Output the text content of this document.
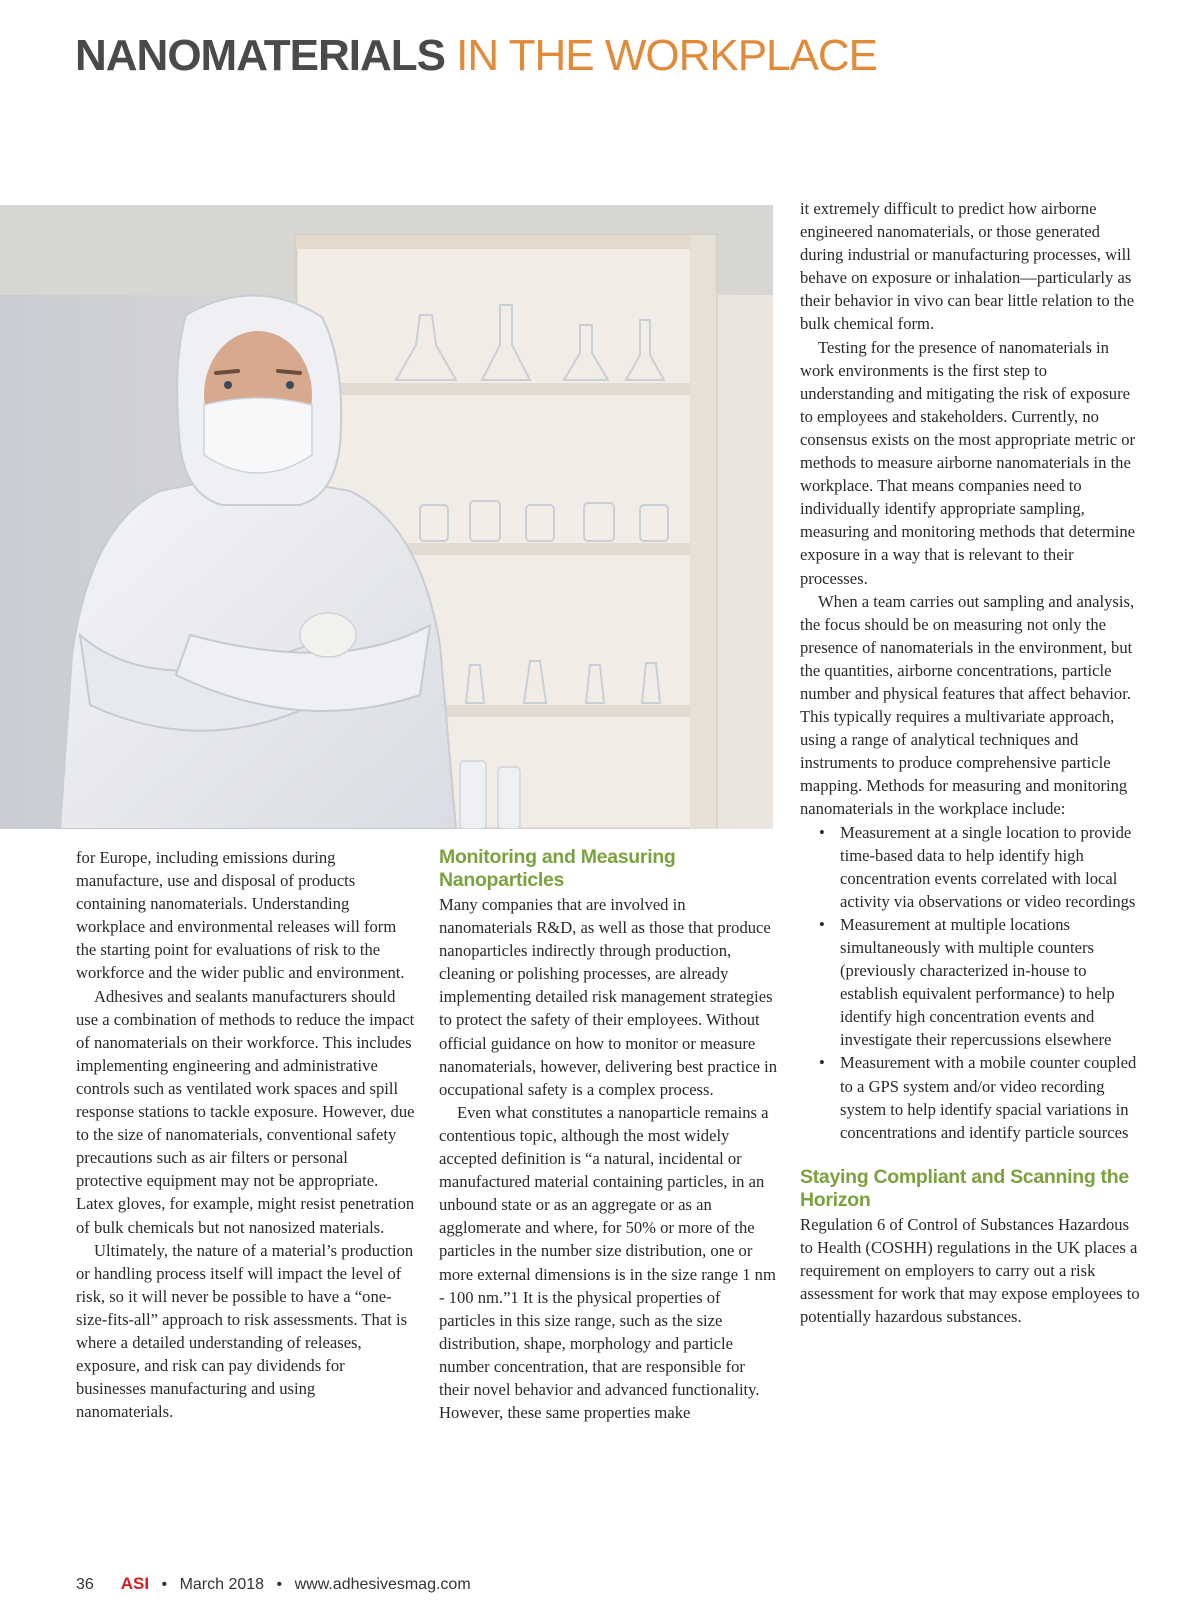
NANOMATERIALS IN THE WORKPLACE

for Europe, including emissions during manufacture, use and disposal of products containing nanomaterials. Understanding workplace and environmental releases will form the starting point for evaluations of risk to the workforce and the wider public and environment.

Adhesives and sealants manufacturers should use a combination of methods to reduce the impact of nanomaterials on their workforce. This includes implementing engineering and administrative controls such as ventilated work spaces and spill response stations to tackle exposure. However, due to the size of nanomaterials, conventional safety precautions such as air filters or personal protective equipment may not be appropriate. Latex gloves, for example, might resist penetration of bulk chemicals but not nanosized materials.

Ultimately, the nature of a material’s production or handling process itself will impact the level of risk, so it will never be possible to have a “one-size-fits-all” approach to risk assessments. That is where a detailed understanding of releases, exposure, and risk can pay dividends for businesses manufacturing and using nanomaterials.

Monitoring and Measuring Nanoparticles

Many companies that are involved in nanomaterials R&D, as well as those that produce nanoparticles indirectly through production, cleaning or polishing processes, are already implementing detailed risk management strategies to protect the safety of their employees. Without official guidance on how to monitor or measure nanomaterials, however, delivering best practice in occupational safety is a complex process.

Even what constitutes a nanoparticle remains a contentious topic, although the most widely accepted definition is “a natural, incidental or manufactured material containing particles, in an unbound state or as an aggregate or as an agglomerate and where, for 50% or more of the particles in the number size distribution, one or more external dimensions is in the size range 1 nm - 100 nm.”1 It is the physical properties of particles in this size range, such as the size distribution, shape, morphology and particle number concentration, that are responsible for their novel behavior and advanced functionality. However, these same properties make

it extremely difficult to predict how airborne engineered nanomaterials, or those generated during industrial or manufacturing processes, will behave on exposure or inhalation—particularly as their behavior in vivo can bear little relation to the bulk chemical form.

Testing for the presence of nanomaterials in work environments is the first step to understanding and mitigating the risk of exposure to employees and stakeholders. Currently, no consensus exists on the most appropriate metric or methods to measure airborne nanomaterials in the workplace. That means companies need to individually identify appropriate sampling, measuring and monitoring methods that determine exposure in a way that is relevant to their processes.

When a team carries out sampling and analysis, the focus should be on measuring not only the presence of nanomaterials in the environment, but the quantities, airborne concentrations, particle number and physical features that affect behavior. This typically requires a multivariate approach, using a range of analytical techniques and instruments to produce comprehensive particle mapping. Methods for measuring and monitoring nanomaterials in the workplace include:

• Measurement at a single location to provide time-based data to help identify high concentration events correlated with local activity via observations or video recordings
• Measurement at multiple locations simultaneously with multiple counters (previously characterized in-house to establish equivalent performance) to help identify high concentration events and investigate their repercussions elsewhere
• Measurement with a mobile counter coupled to a GPS system and/or video recording system to help identify spacial variations in concentrations and identify particle sources
Staying Compliant and Scanning the Horizon

Regulation 6 of Control of Substances Hazardous to Health (COSHH) regulations in the UK places a requirement on employers to carry out a risk assessment for work that may expose employees to potentially hazardous substances.

36 ASI • March 2018 • www.adhesivesmag.com
